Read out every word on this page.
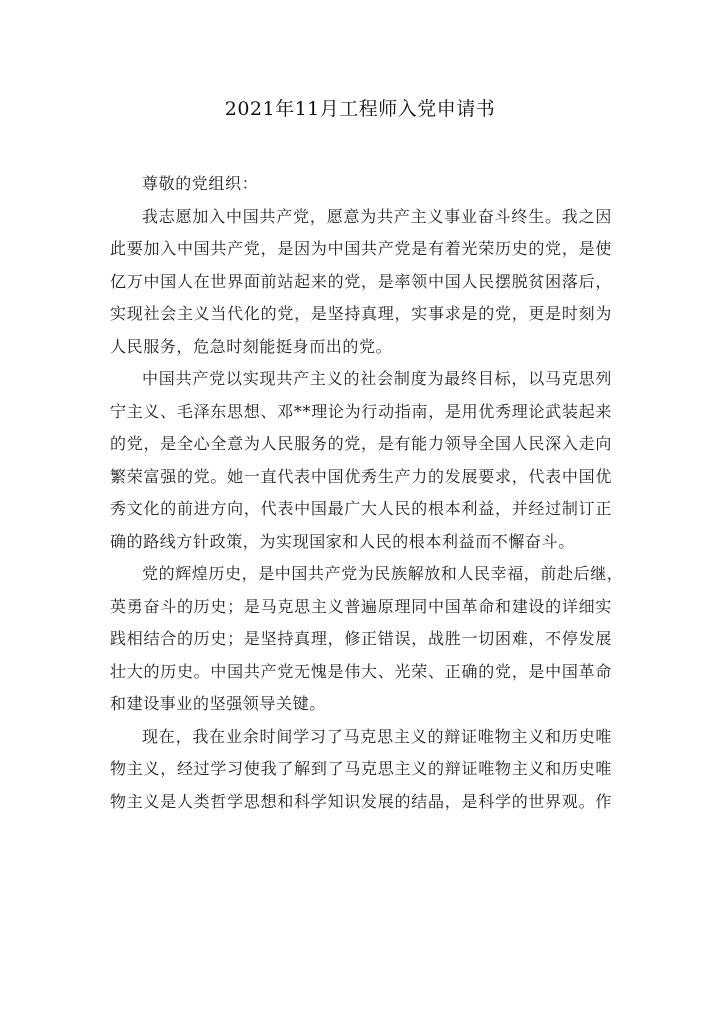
2021年11月工程师入党申请书
尊敬的党组织：
我志愿加入中国共产党，愿意为共产主义事业奋斗终生。我之因
此要加入中国共产党，是因为中国共产党是有着光荣历史的党，是使
亿万中国人在世界面前站起来的党，是率领中国人民摆脱贫困落后，
实现社会主义当代化的党，是坚持真理，实事求是的党，更是时刻为
人民服务，危急时刻能挺身而出的党。
中国共产党以实现共产主义的社会制度为最终目标，以马克思列
宁主义、毛泽东思想、邓**理论为行动指南，是用优秀理论武装起来
的党，是全心全意为人民服务的党，是有能力领导全国人民深入走向
繁荣富强的党。她一直代表中国优秀生产力的发展要求，代表中国优
秀文化的前进方向，代表中国最广大人民的根本利益，并经过制订正
确的路线方针政策，为实现国家和人民的根本利益而不懈奋斗。
党的辉煌历史，是中国共产党为民族解放和人民幸福，前赴后继，
英勇奋斗的历史；是马克思主义普遍原理同中国革命和建设的详细实
践相结合的历史；是坚持真理，修正错误，战胜一切困难，不停发展
壮大的历史。中国共产党无愧是伟大、光荣、正确的党，是中国革命
和建设事业的坚强领导关键。
现在，我在业余时间学习了马克思主义的辩证唯物主义和历史唯
物主义，经过学习使我了解到了马克思主义的辩证唯物主义和历史唯
物主义是人类哲学思想和科学知识发展的结晶，是科学的世界观。作
